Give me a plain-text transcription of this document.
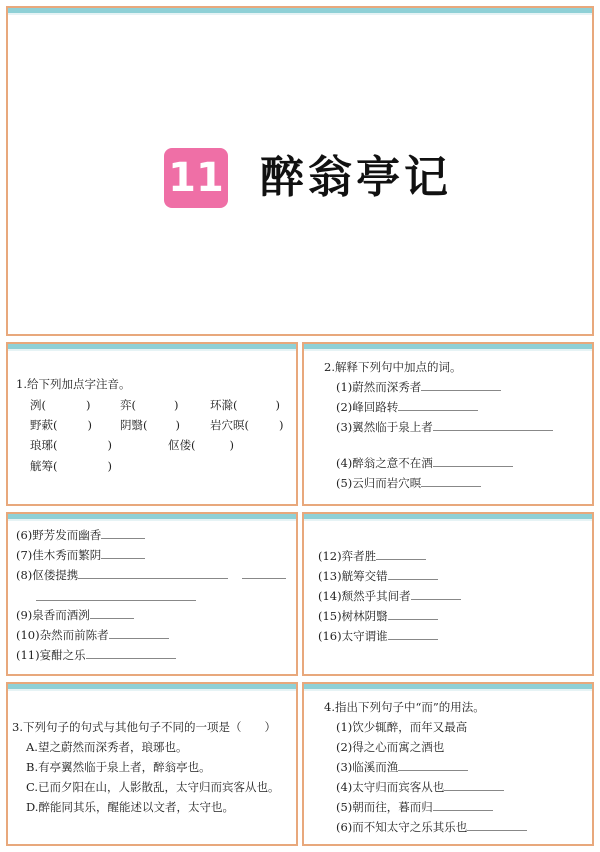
11 醉翁亭记
1.给下列加点字注音。
洌(	)	弈(	)	环滁(	)
野蔌(	) 阴翳( )	岩穴暝(	)
琅琊(	)	伛偻(	)
觥筹(	)
2.解释下列句中加点的词。
(1)蔚然而深秀者
(2)峰回路转
(3)翼然临于泉上者
(4)醉翁之意不在酒
(5)云归而岩穴暝
(6)野芳发而幽香
(7)佳木秀而繁阴
(8)伛偻提携
(9)泉香而酒洌
(10)杂然而前陈者
(11)宴酣之乐
(12)弈者胜
(13)觥筹交错
(14)颓然乎其间者
(15)树林阴翳
(16)太守谓谁
3.下列句子的句式与其他句子不同的一项是（　　）
A.望之蔚然而深秀者，琅琊也。
B.有亭翼然临于泉上者，醉翁亭也。
C.已而夕阳在山，人影散乱，太守归而宾客从也。
D.醉能同其乐，醒能述以文者，太守也。
4.指出下列句子中“而”的用法。
(1)饮少辄醉，而年又最高
(2)得之心而寓之酒也
(3)临溪而渔
(4)太守归而宾客从也
(5)朝而往，暮而归
(6)而不知太守之乐其乐也
